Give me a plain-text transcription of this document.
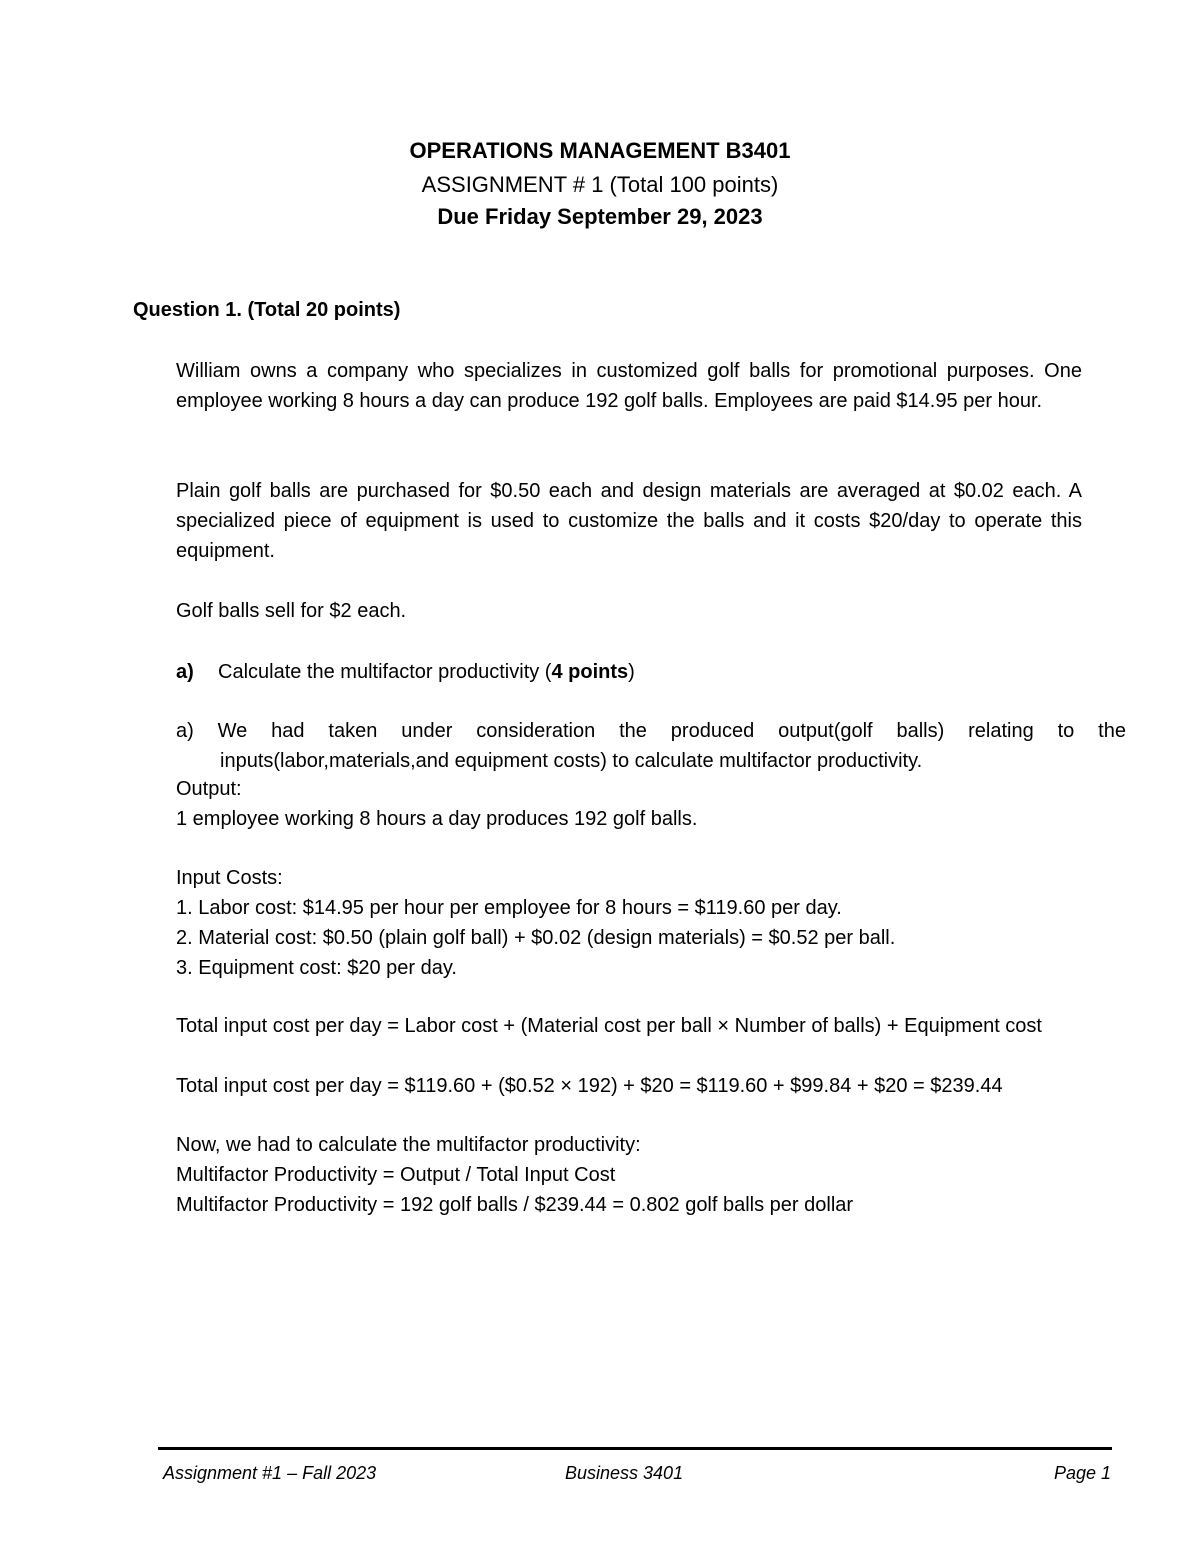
OPERATIONS MANAGEMENT B3401
ASSIGNMENT # 1 (Total 100 points)
Due Friday September 29, 2023
Question 1. (Total 20 points)
William owns a company who specializes in customized golf balls for promotional purposes. One employee working 8 hours a day can produce 192 golf balls. Employees are paid $14.95 per hour.
Plain golf balls are purchased for $0.50 each and design materials are averaged at $0.02 each. A specialized piece of equipment is used to customize the balls and it costs $20/day to operate this equipment.
Golf balls sell for $2 each.
a) Calculate the multifactor productivity (4 points)
a) We had taken under consideration the produced output(golf balls) relating to the inputs(labor,materials,and equipment costs) to calculate multifactor productivity.
Output:
1 employee working 8 hours a day produces 192 golf balls.
Input Costs:
1. Labor cost: $14.95 per hour per employee for 8 hours = $119.60 per day.
2. Material cost: $0.50 (plain golf ball) + $0.02 (design materials) = $0.52 per ball.
3. Equipment cost: $20 per day.
Total input cost per day = Labor cost + (Material cost per ball × Number of balls) + Equipment cost
Total input cost per day = $119.60 + ($0.52 × 192) + $20 = $119.60 + $99.84 + $20 = $239.44
Now, we had to calculate the multifactor productivity:
Multifactor Productivity = Output / Total Input Cost
Multifactor Productivity = 192 golf balls / $239.44 = 0.802 golf balls per dollar
Assignment #1 – Fall 2023	Business 3401	Page 1
